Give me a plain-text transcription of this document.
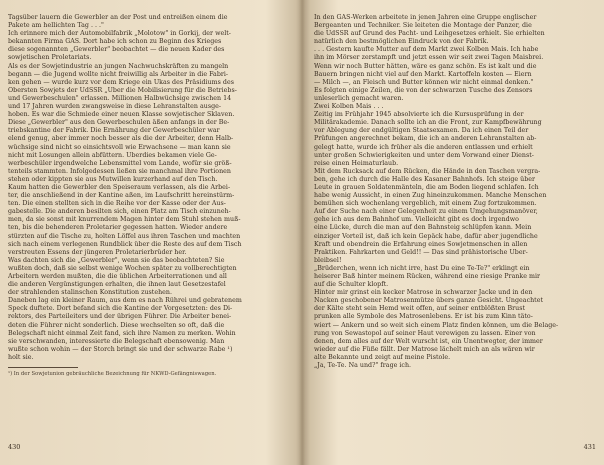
Tagsüber lauern die Gewerbler an der Post und entreißen einem die
Pakete am hellichten Tag . . ."
Ich erinnere mich der Automobilfabrik „Molotow" in Gorkij, der welt-
bekannten Firma GAS. Dort habe ich schon zu Beginn des Krieges
diese sogenannten „Gewerbler" beobachtet — die neuen Kader des
sowjetischen Proletariats.
Als es der Sowjetindustrie an jungen Nachwuchskräften zu mangeln
begann — die Jugend wollte nicht freiwillig als Arbeiter in die Fabri-
ken gehen — wurde kurz vor dem Kriege ein Ukas des Präsidiums des
Obersten Sowjets der UdSSR „Über die Mobilisierung für die Betriebs-
und Gewerbeschulen" erlassen. Millionen Halbwüchsige zwischen 14
und 17 Jahren wurden zwangsweise in diese Lehranstalten ausge-
hoben. Es war die Schmiede einer neuen Klasse sowjetischer Sklaven.
Diese „Gewerbler" aus den Gewerbeschulen äßen anfangs in der Be-
triebskantine der Fabrik. Die Ernährung der Gewerbeschüler war
elend genug, aber immer noch besser als die der Arbeiter, denn Halb-
wüchsige sind nicht so einsichtsvoll wie Erwachsene — man kann sie
nicht mit Losungen allein abfüttern. Überdies bekamen viele Ge-
werbeschüler irgendwelche Lebensmittel vom Lande, wofür sie größ-
tenteils stammten. Infolgedessen ließen sie manchmal ihre Portionen
stehen oder kippten sie aus Mutwillen kurzerhand auf den Tisch.
Kaum hatten die Gewerbler den Speiseraum verlassen, als die Arbei-
ter, die anschließend in der Kantine aßen, im Laufschritt hereinstürm-
ten. Die einen stellten sich in die Reihe vor der Kasse oder der Aus-
gabestelle. Die anderen besilten sich, einen Platz am Tisch einzuneh-
men, da sie sonst mit knurrendem Magen hinter dem Stuhl stehen muß-
ten, bis die behenderen Proletarier gegessen hatten. Wieder andere
stürzten auf die Tische zu, holten Löffel aus ihren Taschen und machten
sich nach einem verlegenen Rundblick über die Reste des auf dem Tisch
verstreuten Essens der jüngeren Proletarierbrüder her.
Was dachten sich die „Gewerbler", wenn sie das beobachteten? Sie
wußten doch, daß sie selbst wenige Wochen später zu vollberechtigten
Arbeitern werden mußten, die die üblichen Arbeiterrationen und all
die anderen Vergünstigungen erhalten, die ihnen laut Gesetzestafel
der strahlenden stalinschen Konstitution zustehen.
Daneben lag ein kleiner Raum, aus dem es nach Rührei und gebratenem
Speck duftete. Dort befand sich die Kantine der Vorgesetzten: des Di-
rektors, des Parteileiters und der übrigen Führer. Die Arbeiter benei-
deten die Führer nicht sonderlich. Diese wechselten so oft, daß die
Belegschaft nicht einmal Zeit fand, sich ihre Namen zu merken. Wohin
sie verschwanden, interessierte die Belegschaft ebensowenig. Man
wußte schon wohin — der Storch bringt sie und der schwarze Rabe ¹)
holt sie.
¹) In der Sowjetunion gebräuchliche Bezeichnung für NKWD-Gefängniswagen.
430
In den GAS-Werken arbeitete in jenen Jahren eine Gruppe englischer
Bergeanten und Techniker. Sie leiteten die Montage der Panzer, die
die UdSSR auf Grund des Pacht- und Leihgesetzes erhielt. Sie erhielten
natürlich den bestmöglichen Eindruck von der Fabrik.
. . . Gestern kaufte Mutter auf dem Markt zwei Kolben Mais. Ich habe
ihn im Mörser zerstampft und jetzt essen wir seit zwei Tagen Maisbrei.
Wenn wir noch Butter hätten, wäre es ganz schön. Es ist kalt und die
Bauern bringen nicht viel auf den Markt. Kartoffeln kosten — Eiern
— Milch —, an Fleisch und Butter können wir nicht einmal denken."
Es folgten einige Zeilen, die von der schwarzen Tusche des Zensors
unleserlich gemacht waren.
Zwei Kolben Mais . . .
Zeitig im Frühjahr 1945 absolvierte ich die Kursusprüfung in der
Militärakademie. Danach sollte ich an die Front, zur Kampfbewährung
vor Ablegung der endgültigen Staatsexamen. Da ich einen Teil der
Prüfungen angerechnet bekam, die ich an anderen Lehranstalten ab-
gelegt hatte, wurde ich früher als die anderen entlassen und erhielt
unter großen Schwierigkeiten und unter dem Vorwand einer Dienst-
reise einen Heimaturlaub.
Mit dem Rucksack auf dem Rücken, die Hände in den Taschen vergra-
ben, gehe ich durch die Halle des Kasaner Bahnhofs. Ich steige über
Leute in grauen Soldatenmänteln, die am Boden liegend schlafen. Ich
habe wenig Aussicht, in einen Zug hineinzukommen. Manche Menschen
bemühen sich wochenlang vergeblich, mit einem Zug fortzukommen.
Auf der Suche nach einer Gelegenheit zu einem Umgehungsmanöver,
gehe ich aus dem Bahnhof um. Vielleicht gibt es doch irgendwo
eine Lücke, durch die man auf den Bahnsteig schlüpfen kann. Mein
einziger Vorteil ist, daß ich kein Gepäck habe, dafür aber jugendliche
Kraft und obendrein die Erfahrung eines Sowjetmenschen in allen
Praktiken. Fahrkarten und Geld!! — Das sind prähistorische Über-
bleibsel!
„Brüderchen, wenn ich nicht irre, hast Du eine Te-Te?" erklingt ein
heiserer Baß hinter meinem Rücken, während eine riesige Pranke mir
auf die Schulter klopft.
Hinter mir grinst ein kecker Matrose in schwarzer Jacke und in den
Nacken geschobener Matrosenmütze übers ganze Gesicht. Ungeachtet
der Kälte steht sein Hemd weit offen, auf seiner entblößten Brust
prunken alle Symbole des Matrosenlebens. Er ist bis zum Kinn täto-
wiert — Ankern und so weit sich einem Platz finden können, um die Belage-
rung von Sewastopol auf seiner Haut verewigen zu lassen. Einer von
denen, dem alles auf der Welt wurscht ist, ein Unentwegter, der immer
wieder auf die Füße fällt. Der Matrose lächelt mich an als wären wir
alte Bekannte und zeigt auf meine Pistole.
„Ja, Te-Te. Na und?" frage ich.
431
